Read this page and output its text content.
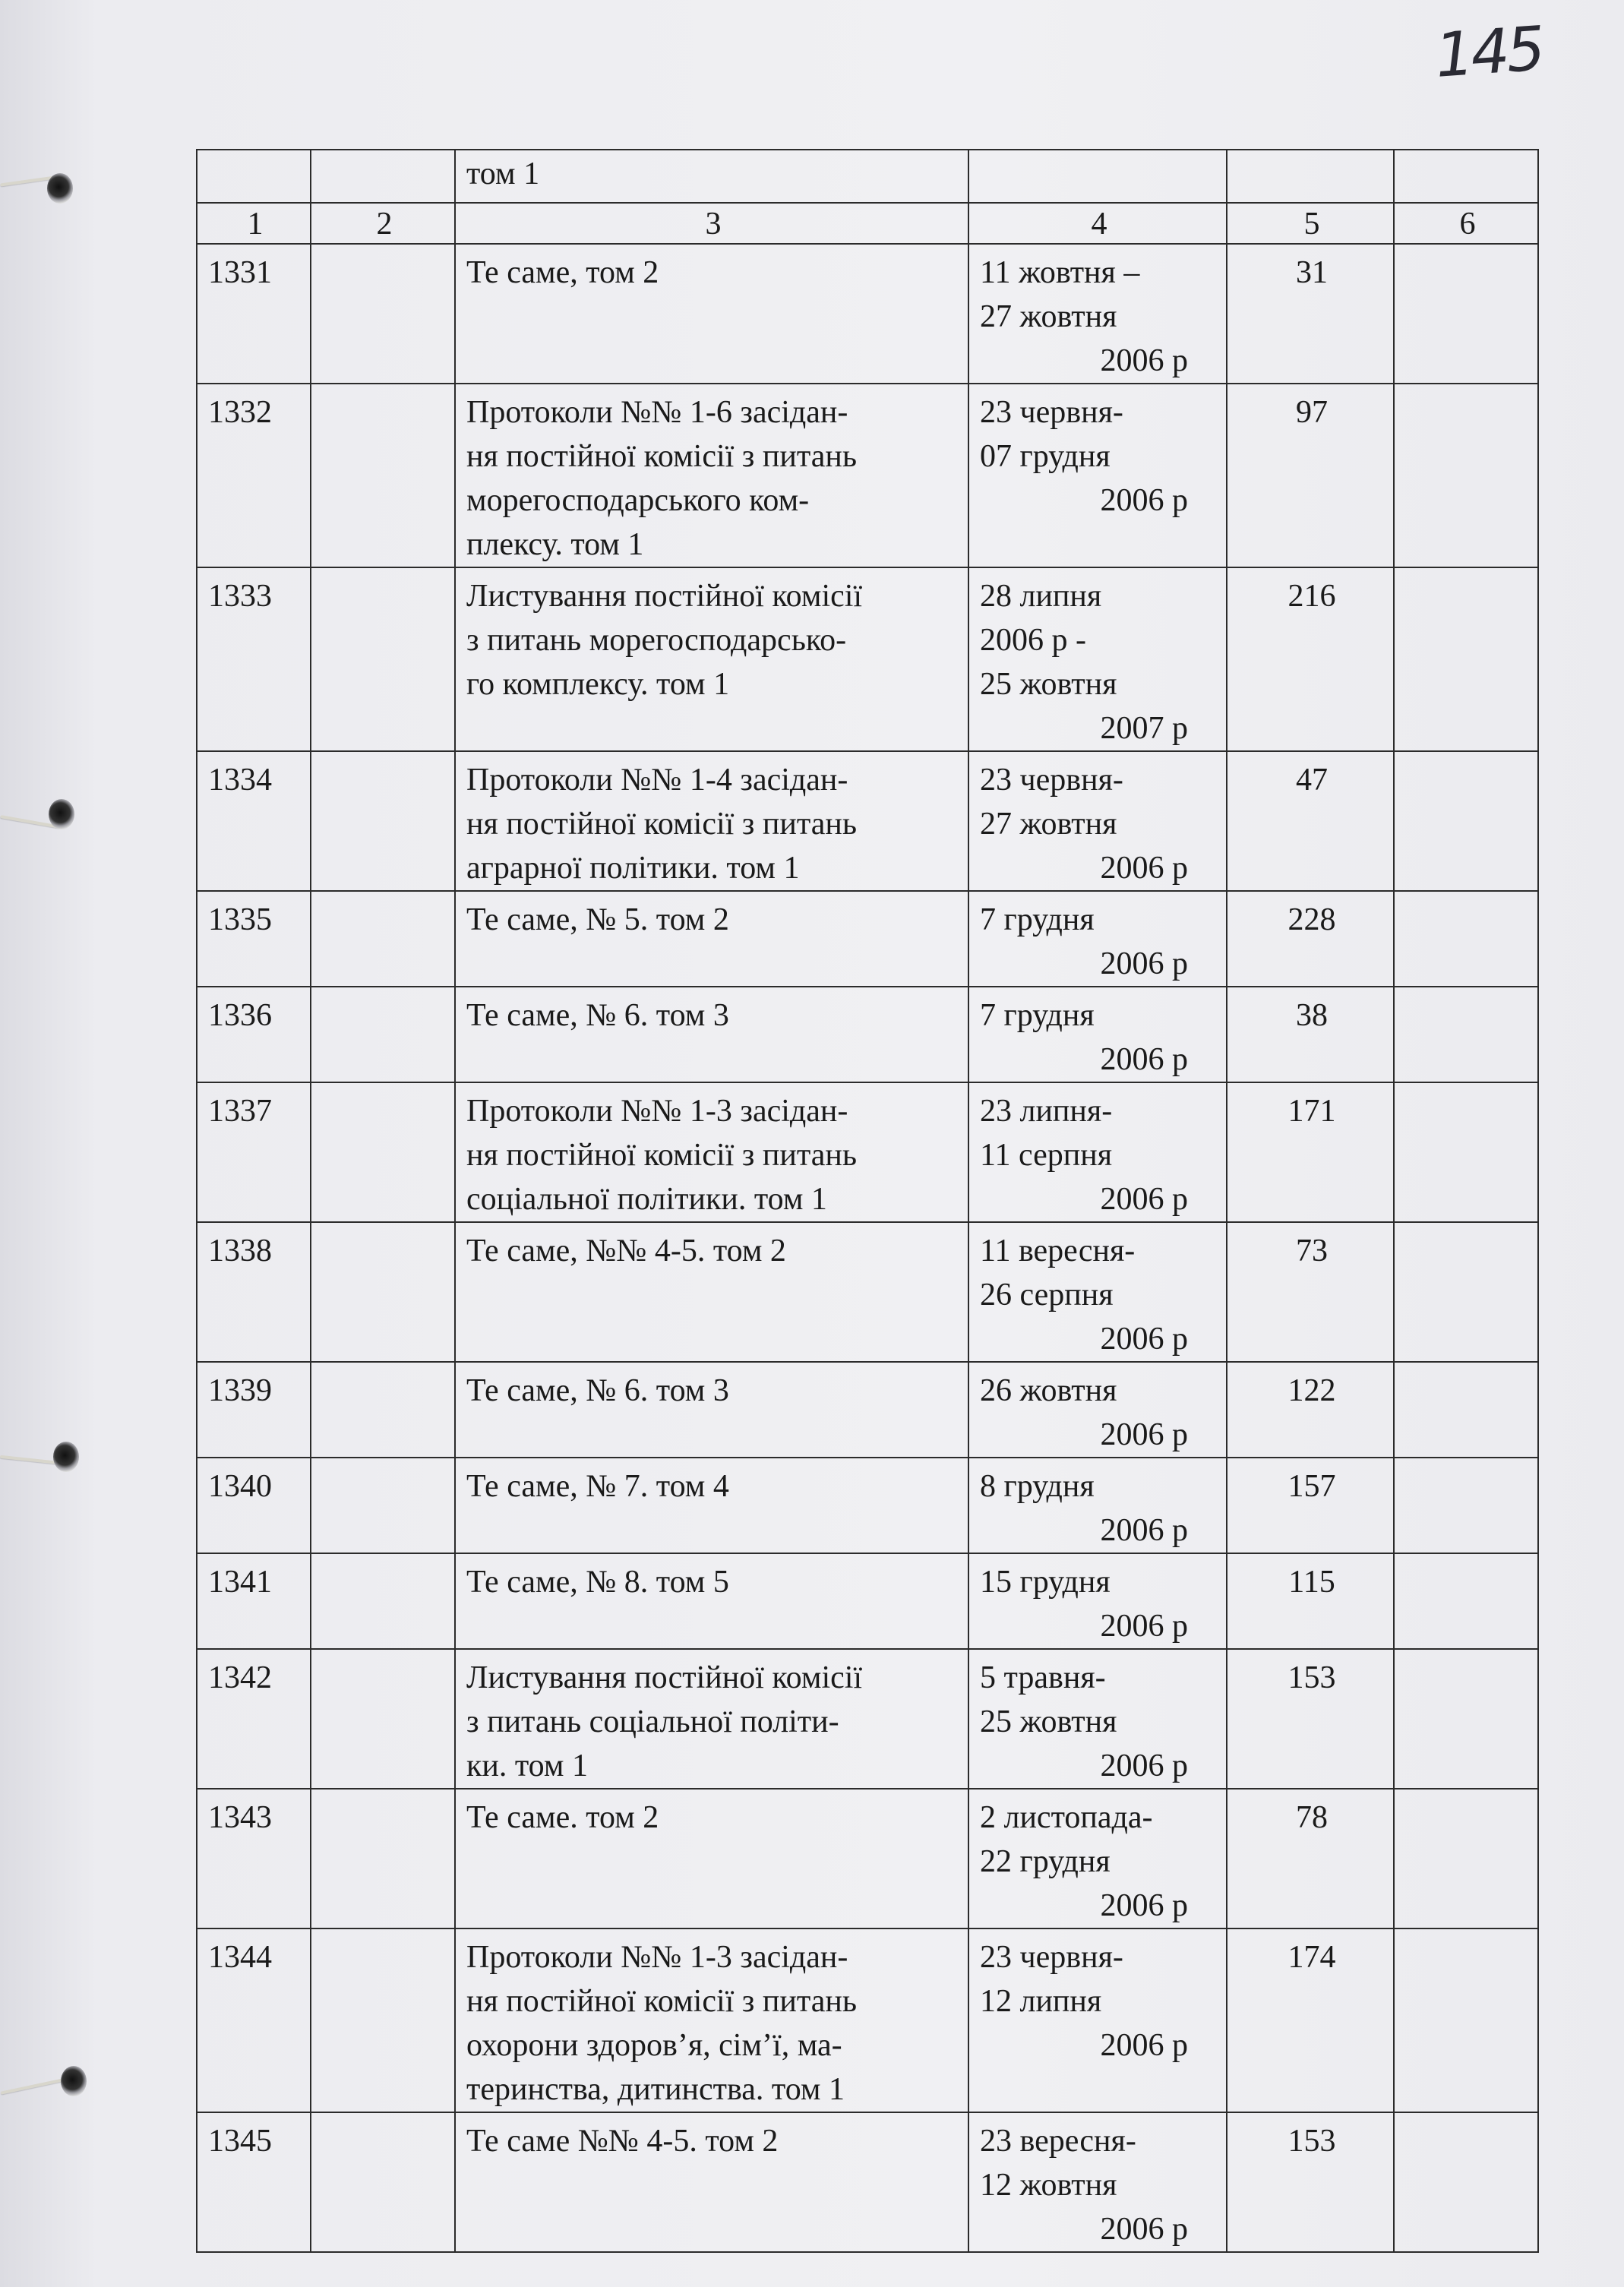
145
		том 1			
1	2	3	4	5	6
1331		Те саме, том 2	11 жовтня –
27 жовтня
2006 р	31	
1332		Протоколи №№ 1-6 засідан-
ня постійної комісії з питань
морегосподарського ком-
плексу. том 1	23 червня-
07 грудня
2006 р	97	
1333		Листування постійної комісії
з питань морегосподарсько-
го комплексу. том 1	28 липня
2006 р -
25 жовтня
2007 р	216	
1334		Протоколи №№ 1-4 засідан-
ня постійної комісії з питань
аграрної політики. том 1	23 червня-
27 жовтня
2006 р	47	
1335		Те саме, № 5. том 2	7 грудня
2006 р	228	
1336		Те саме, № 6. том 3	7 грудня
2006 р	38	
1337		Протоколи №№ 1-3 засідан-
ня постійної комісії з питань
соціальної політики. том 1	23 липня-
11 серпня
2006 р	171	
1338		Те саме, №№ 4-5. том 2	11 вересня-
26 серпня
2006 р	73	
1339		Те саме, № 6. том 3	26 жовтня
2006 р	122	
1340		Те саме, № 7. том 4	8 грудня
2006 р	157	
1341		Те саме, № 8. том 5	15 грудня
2006 р	115	
1342		Листування постійної комісії
з питань соціальної політи-
ки. том 1	5 травня-
25 жовтня
2006 р	153	
1343		Те саме. том 2	2 листопада-
22 грудня
2006 р	78	
1344		Протоколи №№ 1-3 засідан-
ня постійної комісії з питань
охорони здоров’я, сім’ї, ма-
теринства, дитинства. том 1	23 червня-
12 липня
2006 р	174	
1345		Те саме №№ 4-5. том 2	23 вересня-
12 жовтня
2006 р	153	
